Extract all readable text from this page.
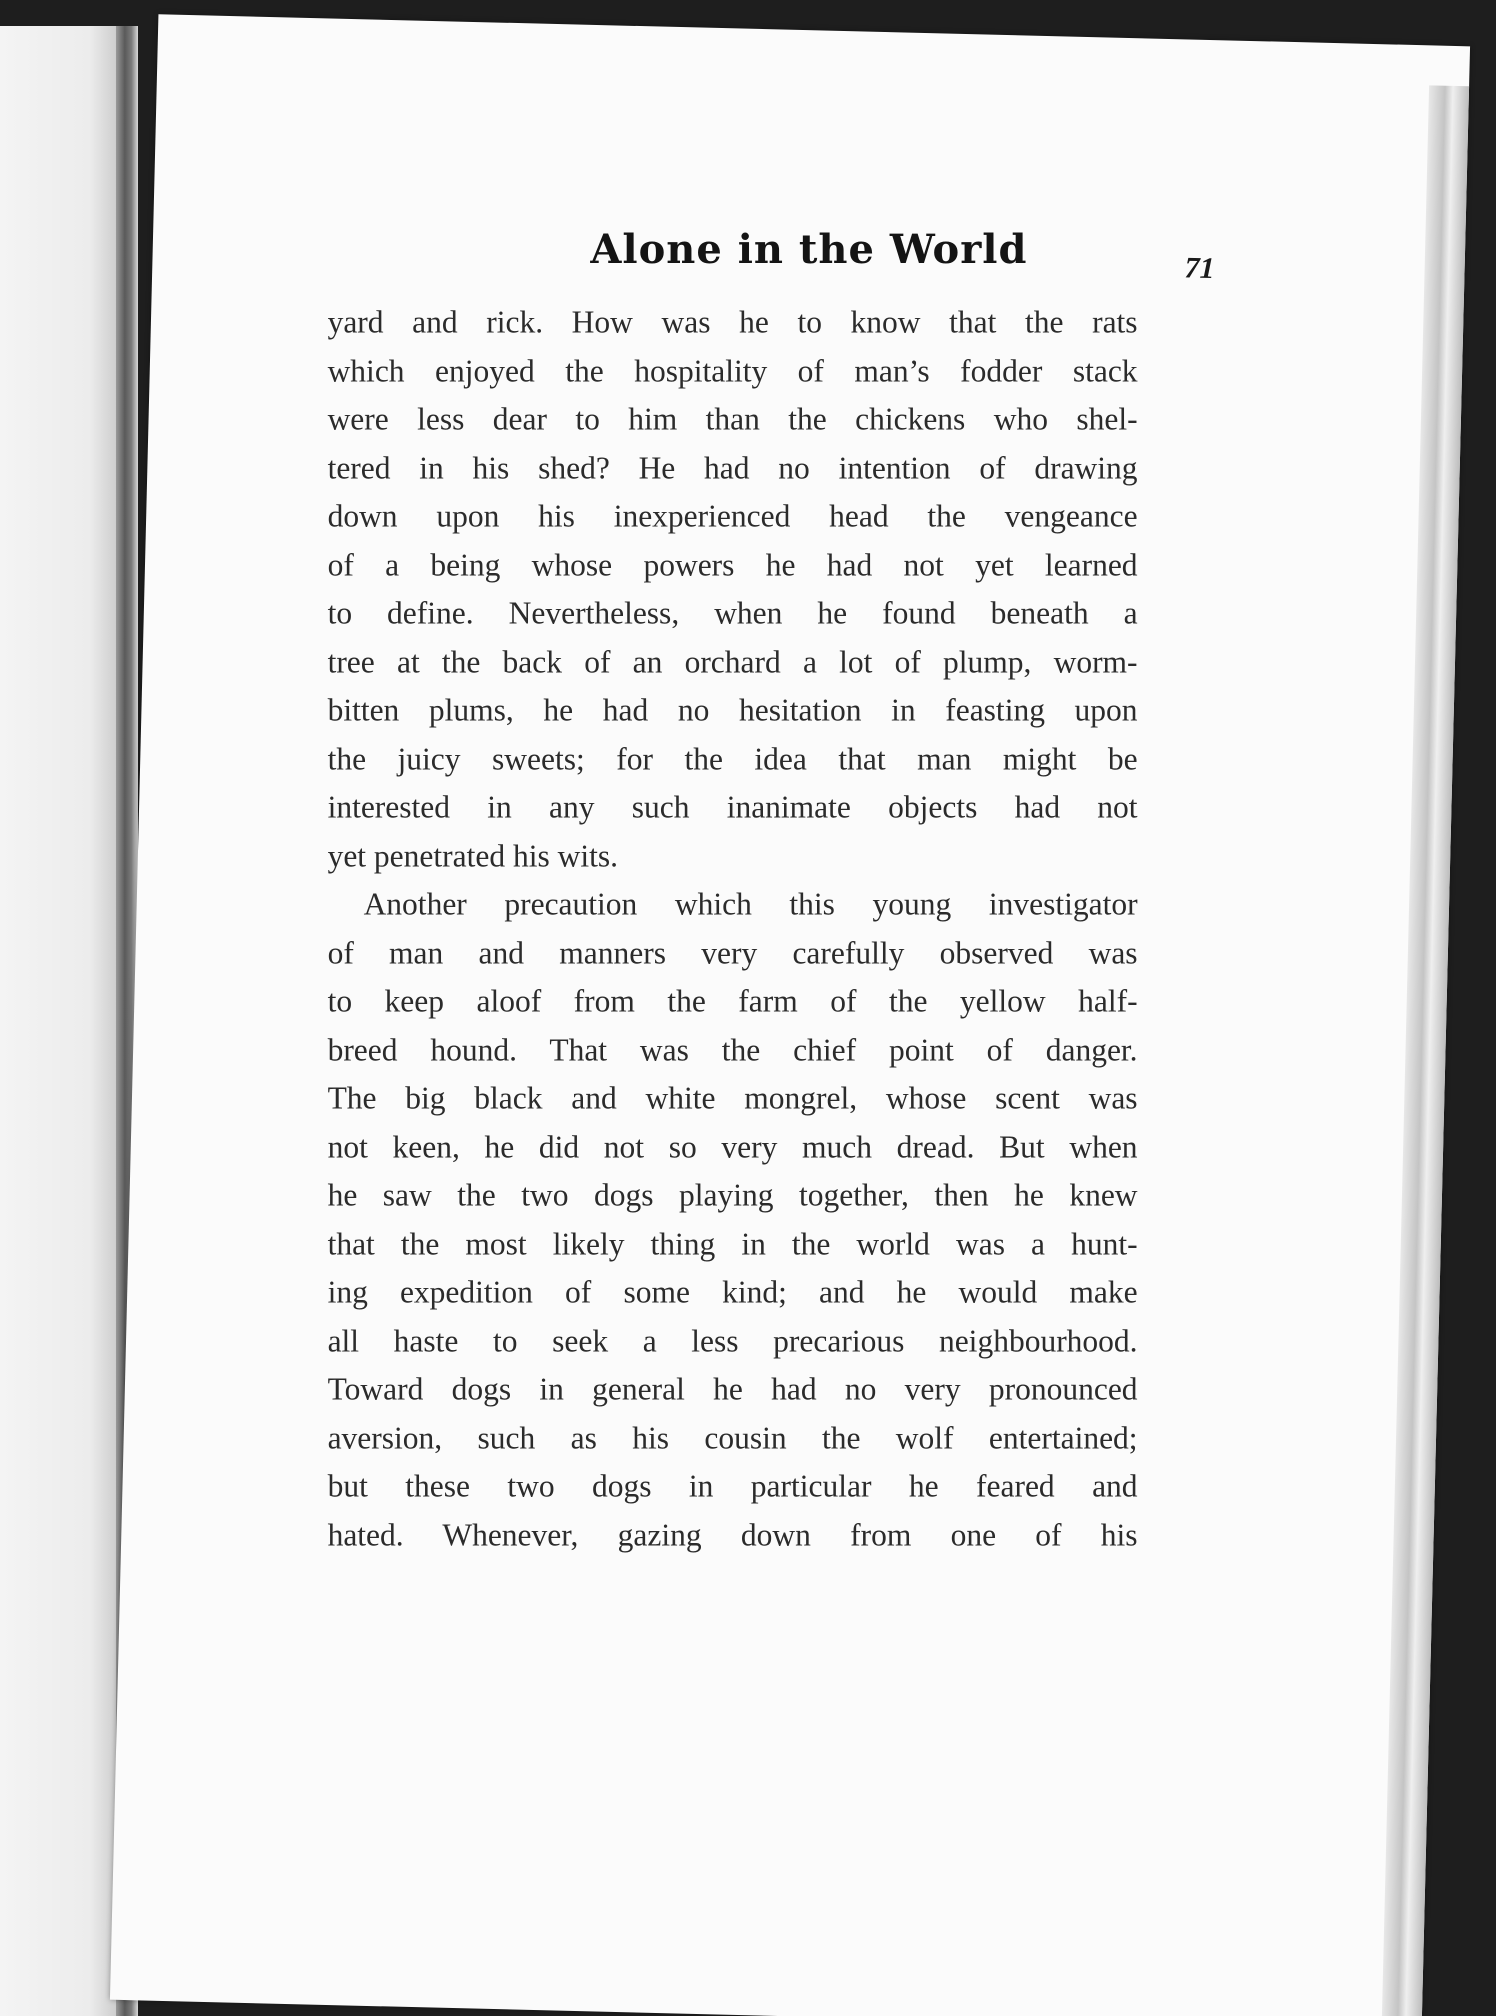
Alone in the World	71
yard and rick. How was he to know that the rats
which enjoyed the hospitality of man’s fodder stack
were less dear to him than the chickens who shel-
tered in his shed? He had no intention of drawing
down upon his inexperienced head the vengeance
of a being whose powers he had not yet learned
to define. Nevertheless, when he found beneath a
tree at the back of an orchard a lot of plump, worm-
bitten plums, he had no hesitation in feasting upon
the juicy sweets; for the idea that man might be
interested in any such inanimate objects had not
yet penetrated his wits.
Another precaution which this young investigator
of man and manners very carefully observed was
to keep aloof from the farm of the yellow half-
breed hound. That was the chief point of danger.
The big black and white mongrel, whose scent was
not keen, he did not so very much dread. But when
he saw the two dogs playing together, then he knew
that the most likely thing in the world was a hunt-
ing expedition of some kind; and he would make
all haste to seek a less precarious neighbourhood.
Toward dogs in general he had no very pronounced
aversion, such as his cousin the wolf entertained;
but these two dogs in particular he feared and
hated. Whenever, gazing down from one of his
